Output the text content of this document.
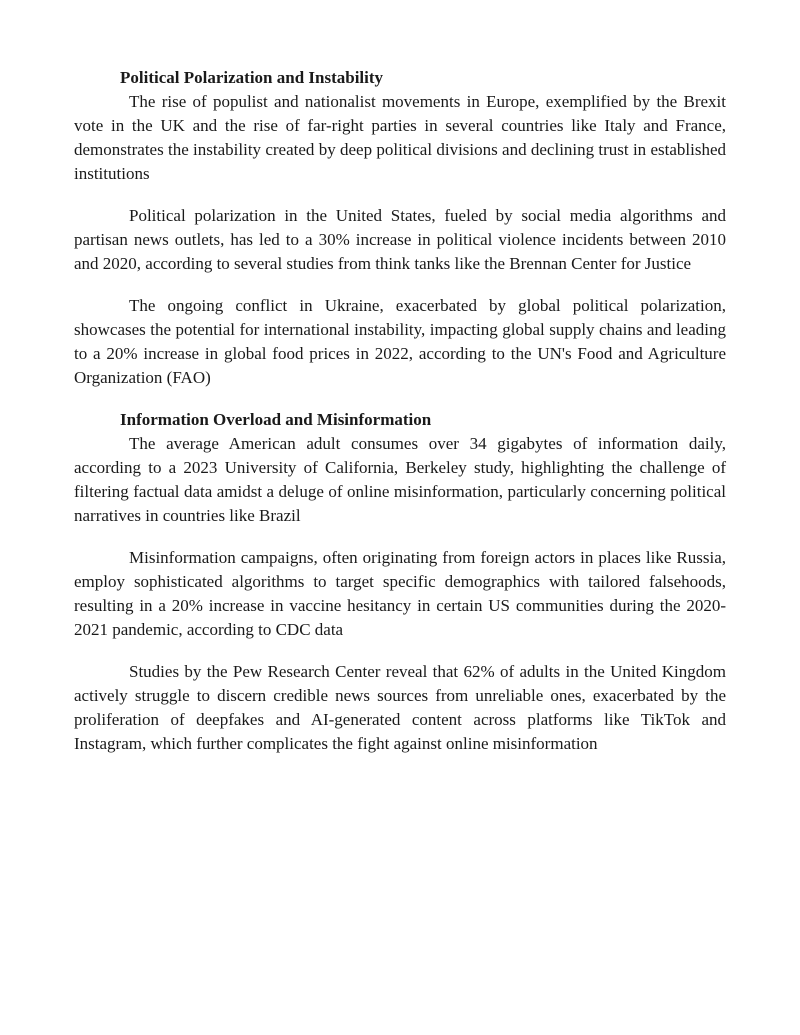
Political Polarization and Instability

The rise of populist and nationalist movements in Europe, exemplified by the Brexit vote in the UK and the rise of far-right parties in several countries like Italy and France, demonstrates the instability created by deep political divisions and declining trust in established institutions

Political polarization in the United States, fueled by social media algorithms and partisan news outlets, has led to a 30% increase in political violence incidents between 2010 and 2020, according to several studies from think tanks like the Brennan Center for Justice

The ongoing conflict in Ukraine, exacerbated by global political polarization, showcases the potential for international instability, impacting global supply chains and leading to a 20% increase in global food prices in 2022, according to the UN's Food and Agriculture Organization (FAO)

Information Overload and Misinformation

The average American adult consumes over 34 gigabytes of information daily, according to a 2023 University of California, Berkeley study, highlighting the challenge of filtering factual data amidst a deluge of online misinformation, particularly concerning political narratives in countries like Brazil

Misinformation campaigns, often originating from foreign actors in places like Russia, employ sophisticated algorithms to target specific demographics with tailored falsehoods, resulting in a 20% increase in vaccine hesitancy in certain US communities during the 2020-2021 pandemic, according to CDC data

Studies by the Pew Research Center reveal that 62% of adults in the United Kingdom actively struggle to discern credible news sources from unreliable ones, exacerbated by the proliferation of deepfakes and AI-generated content across platforms like TikTok and Instagram, which further complicates the fight against online misinformation
